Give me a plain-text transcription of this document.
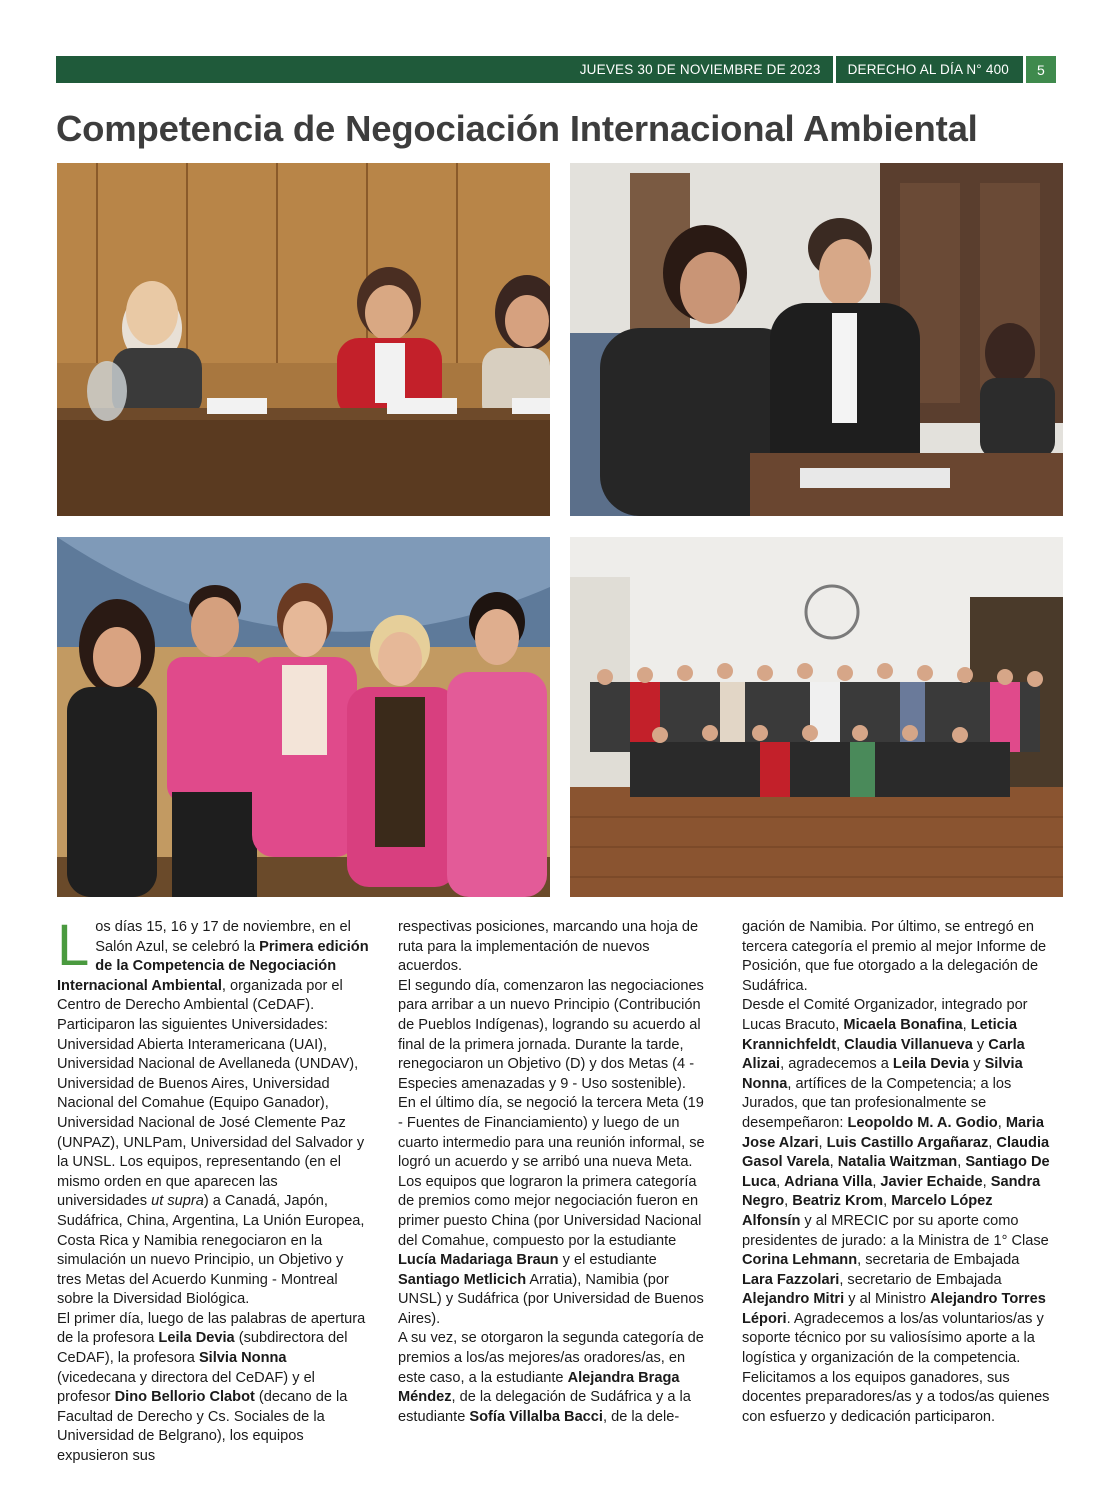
JUEVES 30 DE NOVIEMBRE DE 2023	DERECHO AL DÍA N° 400	5
Competencia de Negociación Internacional Ambiental

Los días 15, 16 y 17 de noviembre, en el Salón Azul, se celebró la Primera edición de la Competencia de Negociación Internacional Ambiental, organizada por el Centro de Derecho Ambiental (CeDAF).

Participaron las siguientes Universidades: Universidad Abierta Interamericana (UAI), Universidad Nacional de Avellaneda (UNDAV), Universidad de Buenos Aires, Universidad Nacional del Comahue (Equipo Ganador), Universidad Nacional de José Clemente Paz (UNPAZ), UNLPam, Universidad del Salvador y la UNSL. Los equipos, representando (en el mismo orden en que aparecen las universidades ut supra) a Canadá, Japón, Sudáfrica, China, Argentina, La Unión Europea, Costa Rica y Namibia renegociaron en la simulación un nuevo Principio, un Objetivo y tres Metas del Acuerdo Kunming - Montreal sobre la Diversidad Biológica.

El primer día, luego de las palabras de apertura de la profesora Leila Devia (subdirectora del CeDAF), la profesora Silvia Nonna (vicedecana y directora del CeDAF) y el profesor Dino Bellorio Clabot (decano de la Facultad de Derecho y Cs. Sociales de la Universidad de Belgrano), los equipos expusieron sus

respectivas posiciones, marcando una hoja de ruta para la implementación de nuevos acuerdos.

El segundo día, comenzaron las negociaciones para arribar a un nuevo Principio (Contribución de Pueblos Indígenas), logrando su acuerdo al final de la primera jornada. Durante la tarde, renegociaron un Objetivo (D) y dos Metas (4 - Especies amenazadas y 9 - Uso sostenible).

En el último día, se negoció la tercera Meta (19 - Fuentes de Financiamiento) y luego de un cuarto intermedio para una reunión informal, se logró un acuerdo y se arribó una nueva Meta. Los equipos que lograron la primera categoría de premios como mejor negociación fueron en primer puesto China (por Universidad Nacional del Comahue, compuesto por la estudiante Lucía Madariaga Braun y el estudiante Santiago Metlicich Arratia), Namibia (por UNSL) y Sudáfrica (por Universidad de Buenos Aires).

A su vez, se otorgaron la segunda categoría de premios a los/as mejores/as oradores/as, en este caso, a la estudiante Alejandra Braga Méndez, de la delegación de Sudáfrica y a la estudiante Sofía Villalba Bacci, de la dele-

gación de Namibia. Por último, se entregó en tercera categoría el premio al mejor Informe de Posición, que fue otorgado a la delegación de Sudáfrica.

Desde el Comité Organizador, integrado por Lucas Bracuto, Micaela Bonafina, Leticia Krannichfeldt, Claudia Villanueva y Carla Alizai, agradecemos a Leila Devia y Silvia Nonna, artífices de la Competencia; a los Jurados, que tan profesionalmente se desempeñaron: Leopoldo M. A. Godio, Maria Jose Alzari, Luis Castillo Argañaraz, Claudia Gasol Varela, Natalia Waitzman, Santiago De Luca, Adriana Villa, Javier Echaide, Sandra Negro, Beatriz Krom, Marcelo López Alfonsín y al MRECIC por su aporte como presidentes de jurado: a la Ministra de 1° Clase Corina Lehmann, secretaria de Embajada Lara Fazzolari, secretario de Embajada Alejandro Mitri y al Ministro Alejandro Torres Lépori. Agradecemos a los/as voluntarios/as y soporte técnico por su valiosísimo aporte a la logística y organización de la competencia.

Felicitamos a los equipos ganadores, sus docentes preparadores/as y a todos/as quienes con esfuerzo y dedicación participaron.
